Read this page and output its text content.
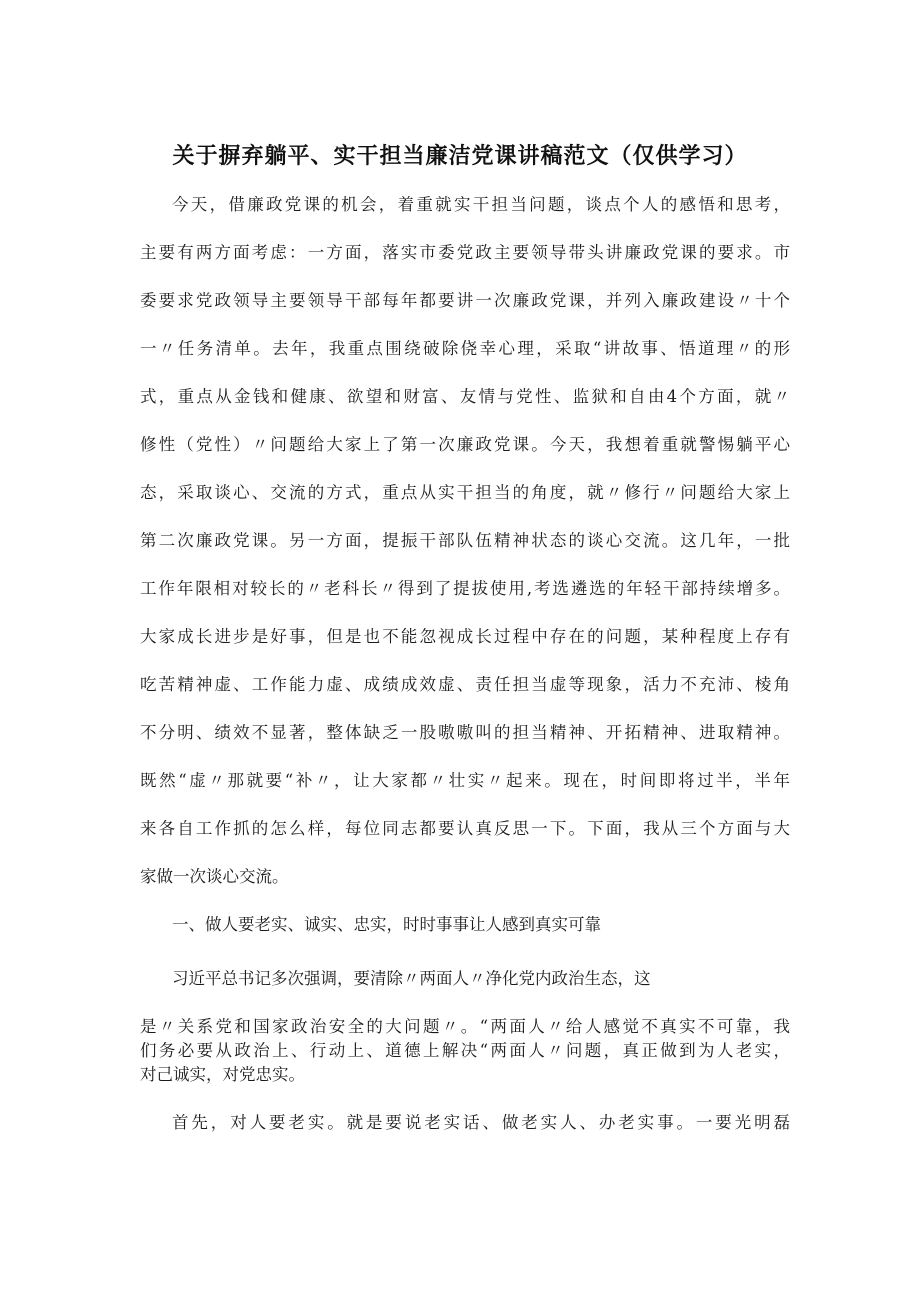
关于摒弃躺平、实干担当廉洁党课讲稿范文（仅供学习）
今天，借廉政党课的机会，着重就实干担当问题，谈点个人的感悟和思考，
主要有两方面考虑：一方面，落实市委党政主要领导带头讲廉政党课的要求。市
委要求党政领导主要领导干部每年都要讲一次廉政党课，并列入廉政建设〃十个
一〃任务清单。去年，我重点围绕破除侥幸心理，采取“讲故事、悟道理〃的形
式，重点从金钱和健康、欲望和财富、友情与党性、监狱和自由4个方面，就〃
修性（党性）〃问题给大家上了第一次廉政党课。今天，我想着重就警惕躺平心
态，采取谈心、交流的方式，重点从实干担当的角度，就〃修行〃问题给大家上
第二次廉政党课。另一方面，提振干部队伍精神状态的谈心交流。这几年，一批
工作年限相对较长的〃老科长〃得到了提拔使用,考选遴选的年轻干部持续增多。
大家成长进步是好事，但是也不能忽视成长过程中存在的问题，某种程度上存有
吃苦精神虚、工作能力虚、成绩成效虚、责任担当虚等现象，活力不充沛、棱角
不分明、绩效不显著，整体缺乏一股嗷嗷叫的担当精神、开拓精神、进取精神。
既然“虚〃那就要“补〃，让大家都〃壮实〃起来。现在，时间即将过半，半年
来各自工作抓的怎么样，每位同志都要认真反思一下。下面，我从三个方面与大
家做一次谈心交流。
一、做人要老实、诚实、忠实，时时事事让人感到真实可靠
习近平总书记多次强调，要清除〃两面人〃净化党内政治生态，这
是〃关系党和国家政治安全的大问题〃。“两面人〃给人感觉不真实不可靠，我
们务必要从政治上、行动上、道德上解决“两面人〃问题，真正做到为人老实，
对己诚实，对党忠实。
首先，对人要老实。就是要说老实话、做老实人、办老实事。一要光明磊
